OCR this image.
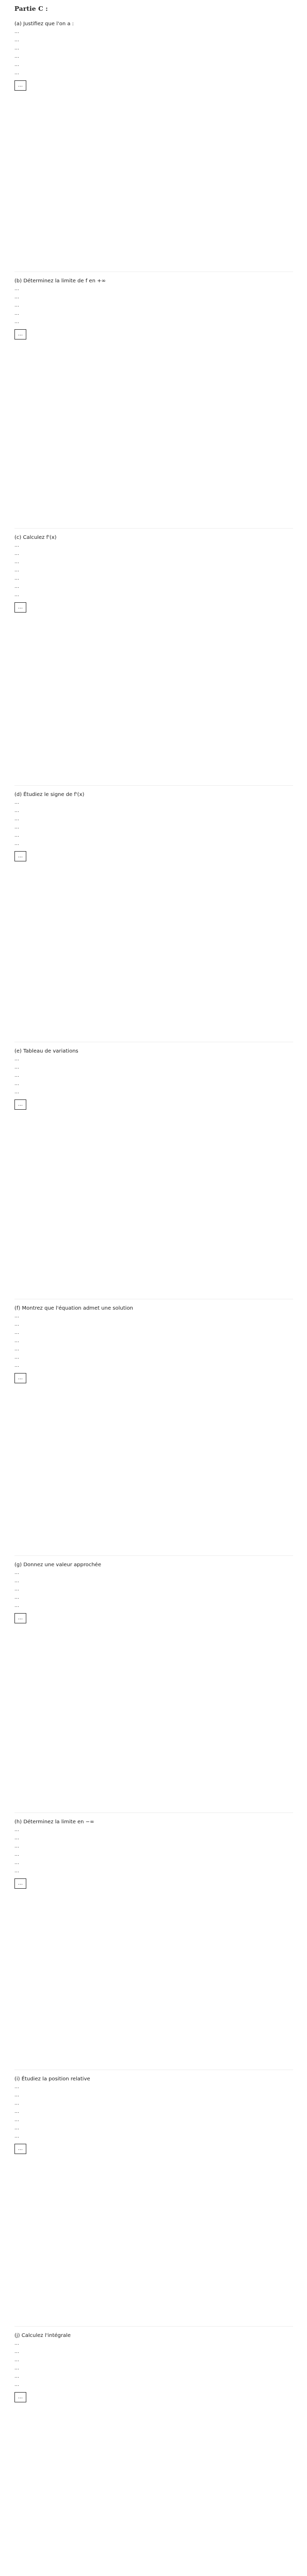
Partie C :
(a) Justifiez que l'on a :
…
…
…
…
…
…
…
(b) Déterminez la limite de f en +∞
…
…
…
…
…
…
(c) Calculez f'(x)
…
…
…
…
…
…
…
…
(d) Étudiez le signe de f'(x)
…
…
…
…
…
…
…
(e) Tableau de variations
…
…
…
…
…
…
(f) Montrez que l'équation admet une solution
…
…
…
…
…
…
…
…
(g) Donnez une valeur approchée
…
…
…
…
…
…
(h) Déterminez la limite en −∞
…
…
…
…
…
…
…
(i) Étudiez la position relative
…
…
…
…
…
…
…
…
(j) Calculez l'intégrale
…
…
…
…
…
…
…
